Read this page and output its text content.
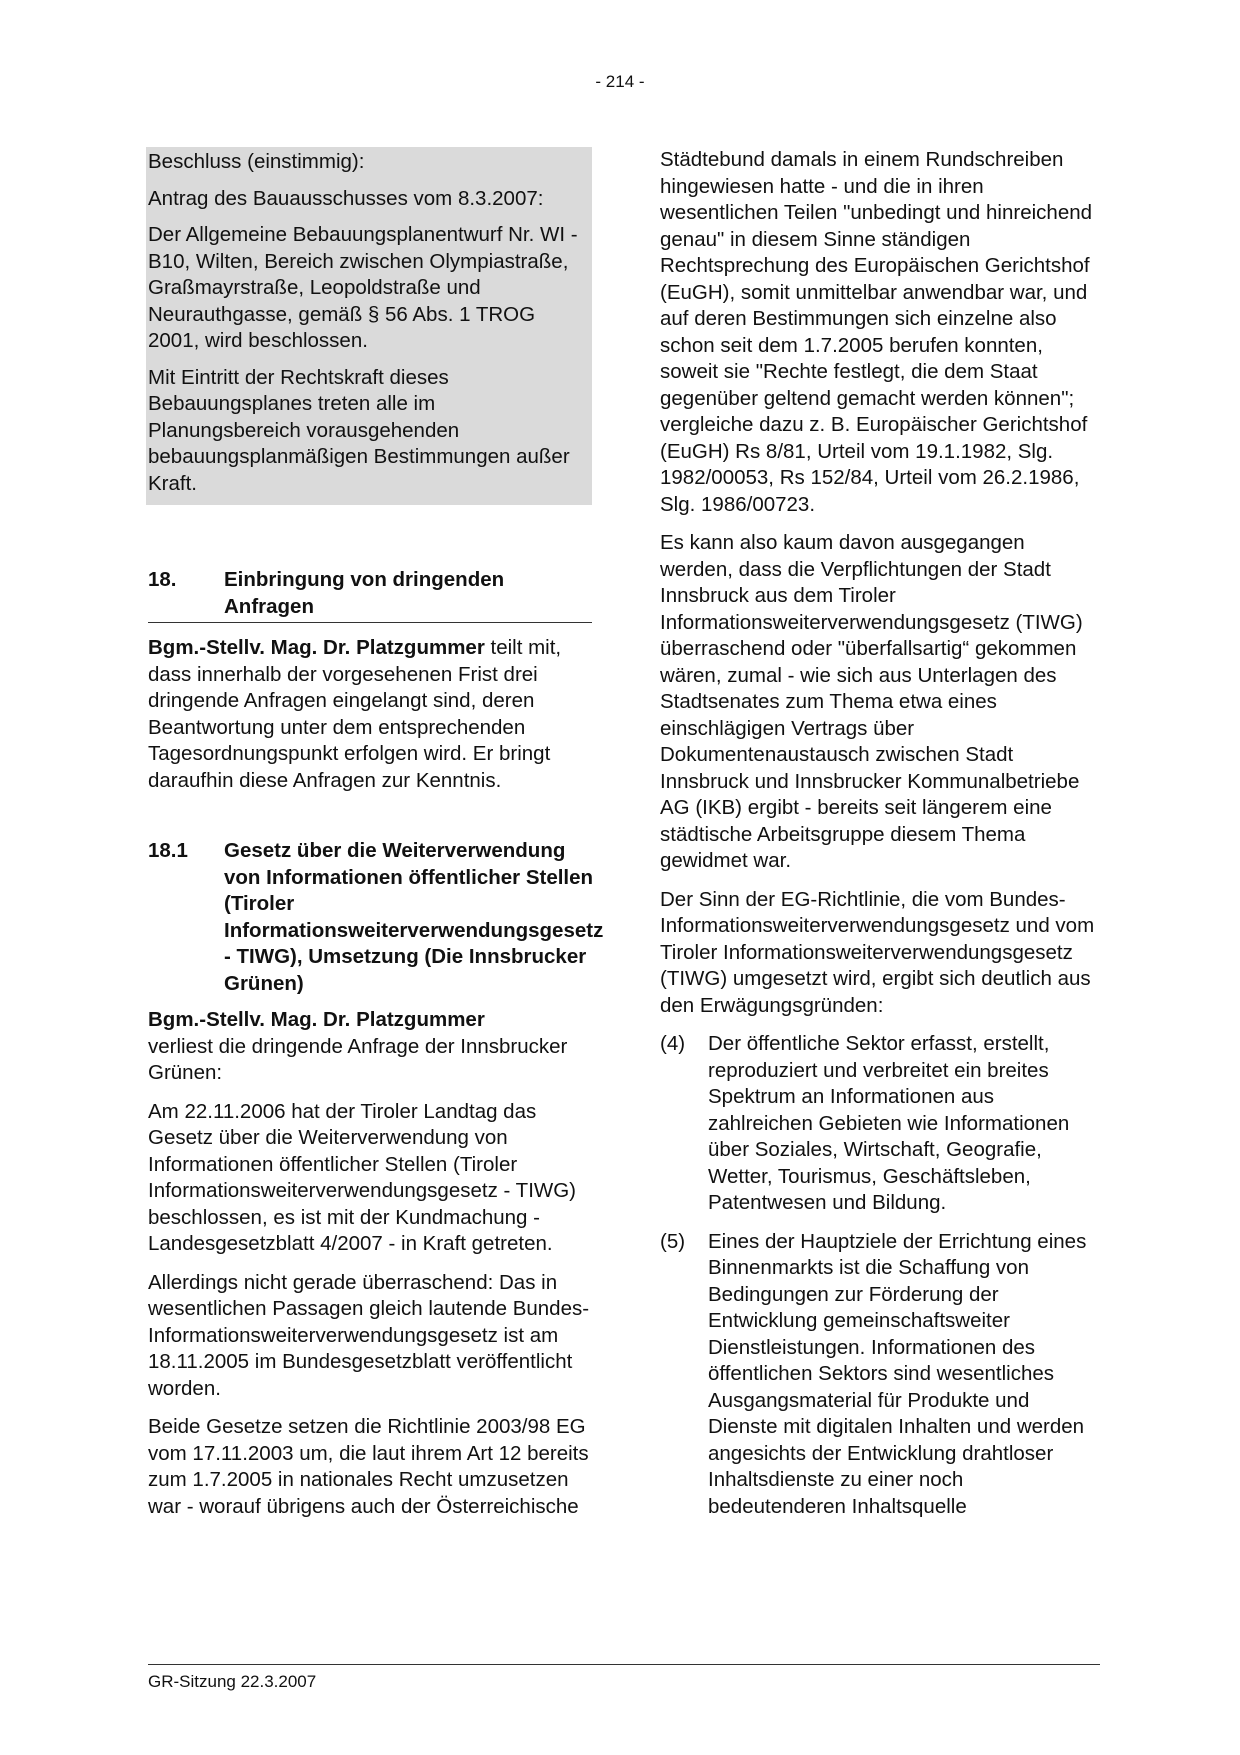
- 214 -

Beschluss (einstimmig):

Antrag des Bauausschusses vom 8.3.2007:

Der Allgemeine Bebauungsplanentwurf Nr. WI - B10, Wilten, Bereich zwischen Olympiastraße, Graßmayrstraße, Leopoldstraße und Neurauthgasse, gemäß § 56 Abs. 1 TROG 2001, wird beschlossen.

Mit Eintritt der Rechtskraft dieses Bebauungsplanes treten alle im Planungsbereich vorausgehenden bebauungsplanmäßigen Bestimmungen außer Kraft.

18.	Einbringung von dringenden Anfragen

Bgm.-Stellv. Mag. Dr. Platzgummer teilt mit, dass innerhalb der vorgesehenen Frist drei dringende Anfragen eingelangt sind, deren Beantwortung unter dem entsprechenden Tagesordnungspunkt erfolgen wird. Er bringt daraufhin diese Anfragen zur Kenntnis.

18.1	Gesetz über die Weiterverwendung von Informationen öffentlicher Stellen (Tiroler Informationsweiterverwendungsgesetz - TIWG), Umsetzung (Die Innsbrucker Grünen)

Bgm.-Stellv. Mag. Dr. Platzgummer
verliest die dringende Anfrage der Innsbrucker Grünen:

Am 22.11.2006 hat der Tiroler Landtag das Gesetz über die Weiterverwendung von Informationen öffentlicher Stellen (Tiroler Informationsweiterverwendungsgesetz - TIWG) beschlossen, es ist mit der Kundmachung - Landesgesetzblatt 4/2007 - in Kraft getreten.

Allerdings nicht gerade überraschend: Das in wesentlichen Passagen gleich lautende Bundes-Informationsweiterverwendungsgesetz ist am 18.11.2005 im Bundesgesetzblatt veröffentlicht worden.

Beide Gesetze setzen die Richtlinie 2003/98 EG vom 17.11.2003 um, die laut ihrem Art 12 bereits zum 1.7.2005 in nationales Recht umzusetzen war - worauf übrigens auch der Österreichische

Städtebund damals in einem Rundschreiben hingewiesen hatte - und die in ihren wesentlichen Teilen "unbedingt und hinreichend genau" in diesem Sinne ständigen Rechtsprechung des Europäischen Gerichtshof (EuGH), somit unmittelbar anwendbar war, und auf deren Bestimmungen sich einzelne also schon seit dem 1.7.2005 berufen konnten, soweit sie "Rechte festlegt, die dem Staat gegenüber geltend gemacht werden können"; vergleiche dazu z. B. Europäischer Gerichtshof (EuGH) Rs 8/81, Urteil vom 19.1.1982, Slg. 1982/00053, Rs 152/84, Urteil vom 26.2.1986, Slg. 1986/00723.

Es kann also kaum davon ausgegangen werden, dass die Verpflichtungen der Stadt Innsbruck aus dem Tiroler Informationsweiterverwendungsgesetz (TIWG) überraschend oder "überfallsartig“ gekommen wären, zumal - wie sich aus Unterlagen des Stadtsenates zum Thema etwa eines einschlägigen Vertrags über Dokumentenaustausch zwischen Stadt Innsbruck und Innsbrucker Kommunalbetriebe AG (IKB) ergibt - bereits seit längerem eine städtische Arbeitsgruppe diesem Thema gewidmet war.

Der Sinn der EG-Richtlinie, die vom Bundes-Informationsweiterverwendungsgesetz und vom Tiroler Informationsweiterverwendungsgesetz (TIWG) umgesetzt wird, ergibt sich deutlich aus den Erwägungsgründen:

(4)	Der öffentliche Sektor erfasst, erstellt, reproduziert und verbreitet ein breites Spektrum an Informationen aus zahlreichen Gebieten wie Informationen über Soziales, Wirtschaft, Geografie, Wetter, Tourismus, Geschäftsleben, Patentwesen und Bildung.
(5)	Eines der Hauptziele der Errichtung eines Binnenmarkts ist die Schaffung von Bedingungen zur Förderung der Entwicklung gemeinschaftsweiter Dienstleistungen. Informationen des öffentlichen Sektors sind wesentliches Ausgangsmaterial für Produkte und Dienste mit digitalen Inhalten und werden angesichts der Entwicklung drahtloser Inhaltsdienste zu einer noch bedeutenderen Inhaltsquelle
GR-Sitzung 22.3.2007
